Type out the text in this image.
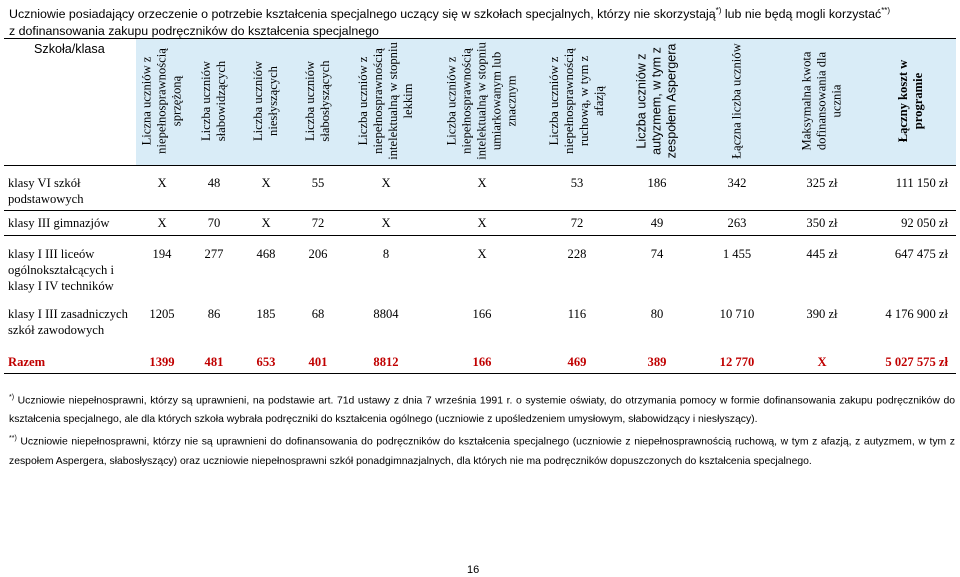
Uczniowie posiadający orzeczenie o potrzebie kształcenia specjalnego uczący się w szkołach specjalnych, którzy nie skorzystają*) lub nie będą mogli korzystać**)
z dofinansowania zakupu podręczników do kształcenia specjalnego
Szkoła/klasa	Liczna uczniów z niepełnosprawnością sprzężoną	Liczba uczniów słabowidzących	Liczba uczniów niesłyszących	Liczba uczniów słabosłyszących	Liczba uczniów z niepełnosprawnością intelektualną w stopniu lekkim	Liczba uczniów z niepełnosprawnością intelektualną w stopniu umiarkowanym lub znacznym	Liczba uczniów z niepełnosprawnością ruchową, w tym z afazją	Liczba uczniów z autyzmem, w tym z zespołem Aspergera	Łączna liczba uczniów	Maksymalna kwota dofinansowania dla ucznia	Łączny koszt w programie

klasy VI szkół podstawowych	X	48	X	55	X	X	53	186	342	325 zł	111 150 zł
klasy III gimnazjów	X	70	X	72	X	X	72	49	263	350 zł	92 050 zł
klasy I III liceów ogólnokształcących i klasy I IV techników	194	277	468	206	8	X	228	74	1 455	445 zł	647 475 zł
klasy I III zasadniczych szkół zawodowych	1205	86	185	68	8804	166	116	80	10 710	390 zł	4 176 900 zł
Razem	1399	481	653	401	8812	166	469	389	12 770	X	5 027 575 zł
*) Uczniowie niepełnosprawni, którzy są uprawnieni, na podstawie art. 71d ustawy z dnia 7 września 1991 r. o systemie oświaty, do otrzymania pomocy w formie dofinansowania zakupu podręczników do kształcenia specjalnego, ale dla których szkoła wybrała podręczniki do kształcenia ogólnego (uczniowie z upośledzeniem umysłowym, słabowidzący i niesłyszący).
**) Uczniowie niepełnosprawni, którzy nie są uprawnieni do dofinansowania do podręczników do kształcenia specjalnego (uczniowie z niepełnosprawnością ruchową, w tym z afazją, z autyzmem, w tym z zespołem Aspergera, słabosłyszący) oraz uczniowie niepełnosprawni szkół ponadgimnazjalnych, dla których nie ma podręczników dopuszczonych do kształcenia specjalnego.
16
